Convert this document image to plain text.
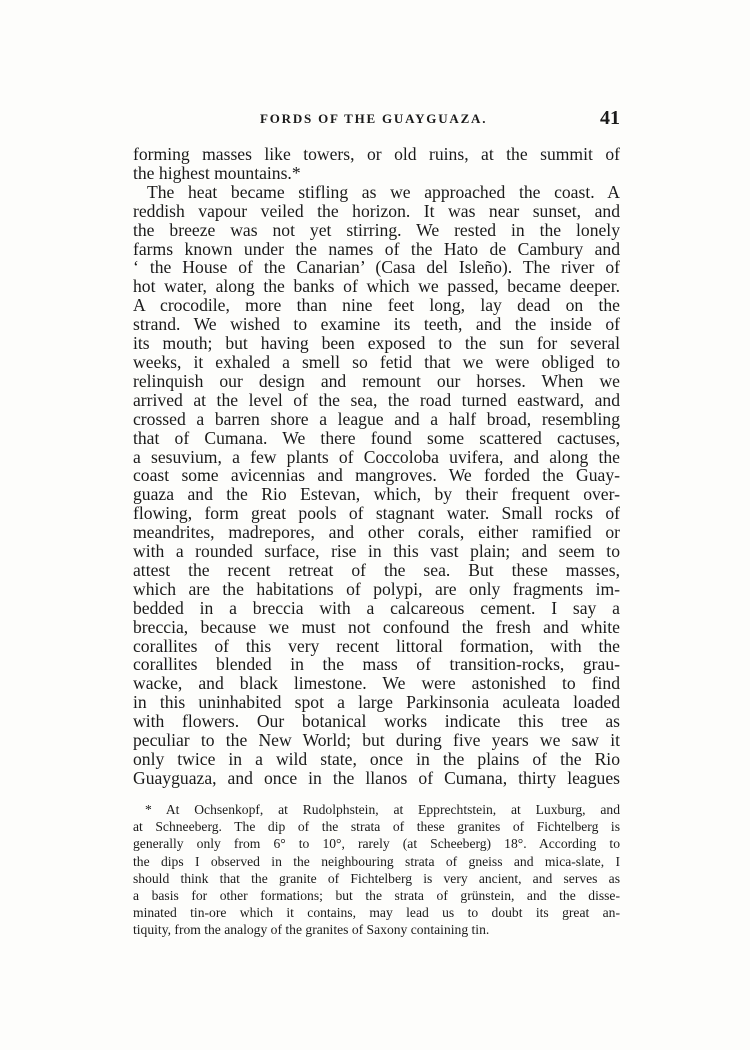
FORDS OF THE GUAYGUAZA.	41
forming masses like towers, or old ruins, at the summit of
the highest mountains.*
The heat became stifling as we approached the coast. A
reddish vapour veiled the horizon. It was near sunset, and
the breeze was not yet stirring. We rested in the lonely
farms known under the names of the Hato de Cambury and
‘ the House of the Canarian’ (Casa del Isleño). The river of
hot water, along the banks of which we passed, became deeper.
A crocodile, more than nine feet long, lay dead on the
strand. We wished to examine its teeth, and the inside of
its mouth; but having been exposed to the sun for several
weeks, it exhaled a smell so fetid that we were obliged to
relinquish our design and remount our horses. When we
arrived at the level of the sea, the road turned eastward, and
crossed a barren shore a league and a half broad, resembling
that of Cumana. We there found some scattered cactuses,
a sesuvium, a few plants of Coccoloba uvifera, and along the
coast some avicennias and mangroves. We forded the Guay-
guaza and the Rio Estevan, which, by their frequent over-
flowing, form great pools of stagnant water. Small rocks of
meandrites, madrepores, and other corals, either ramified or
with a rounded surface, rise in this vast plain; and seem to
attest the recent retreat of the sea. But these masses,
which are the habitations of polypi, are only fragments im-
bedded in a breccia with a calcareous cement. I say a
breccia, because we must not confound the fresh and white
corallites of this very recent littoral formation, with the
corallites blended in the mass of transition-rocks, grau-
wacke, and black limestone. We were astonished to find
in this uninhabited spot a large Parkinsonia aculeata loaded
with flowers. Our botanical works indicate this tree as
peculiar to the New World; but during five years we saw it
only twice in a wild state, once in the plains of the Rio
Guayguaza, and once in the llanos of Cumana, thirty leagues
* At Ochsenkopf, at Rudolphstein, at Epprechtstein, at Luxburg, and
at Schneeberg. The dip of the strata of these granites of Fichtelberg is
generally only from 6° to 10°, rarely (at Scheeberg) 18°. According to
the dips I observed in the neighbouring strata of gneiss and mica-slate, I
should think that the granite of Fichtelberg is very ancient, and serves as
a basis for other formations; but the strata of grünstein, and the disse-
minated tin-ore which it contains, may lead us to doubt its great an-
tiquity, from the analogy of the granites of Saxony containing tin.
